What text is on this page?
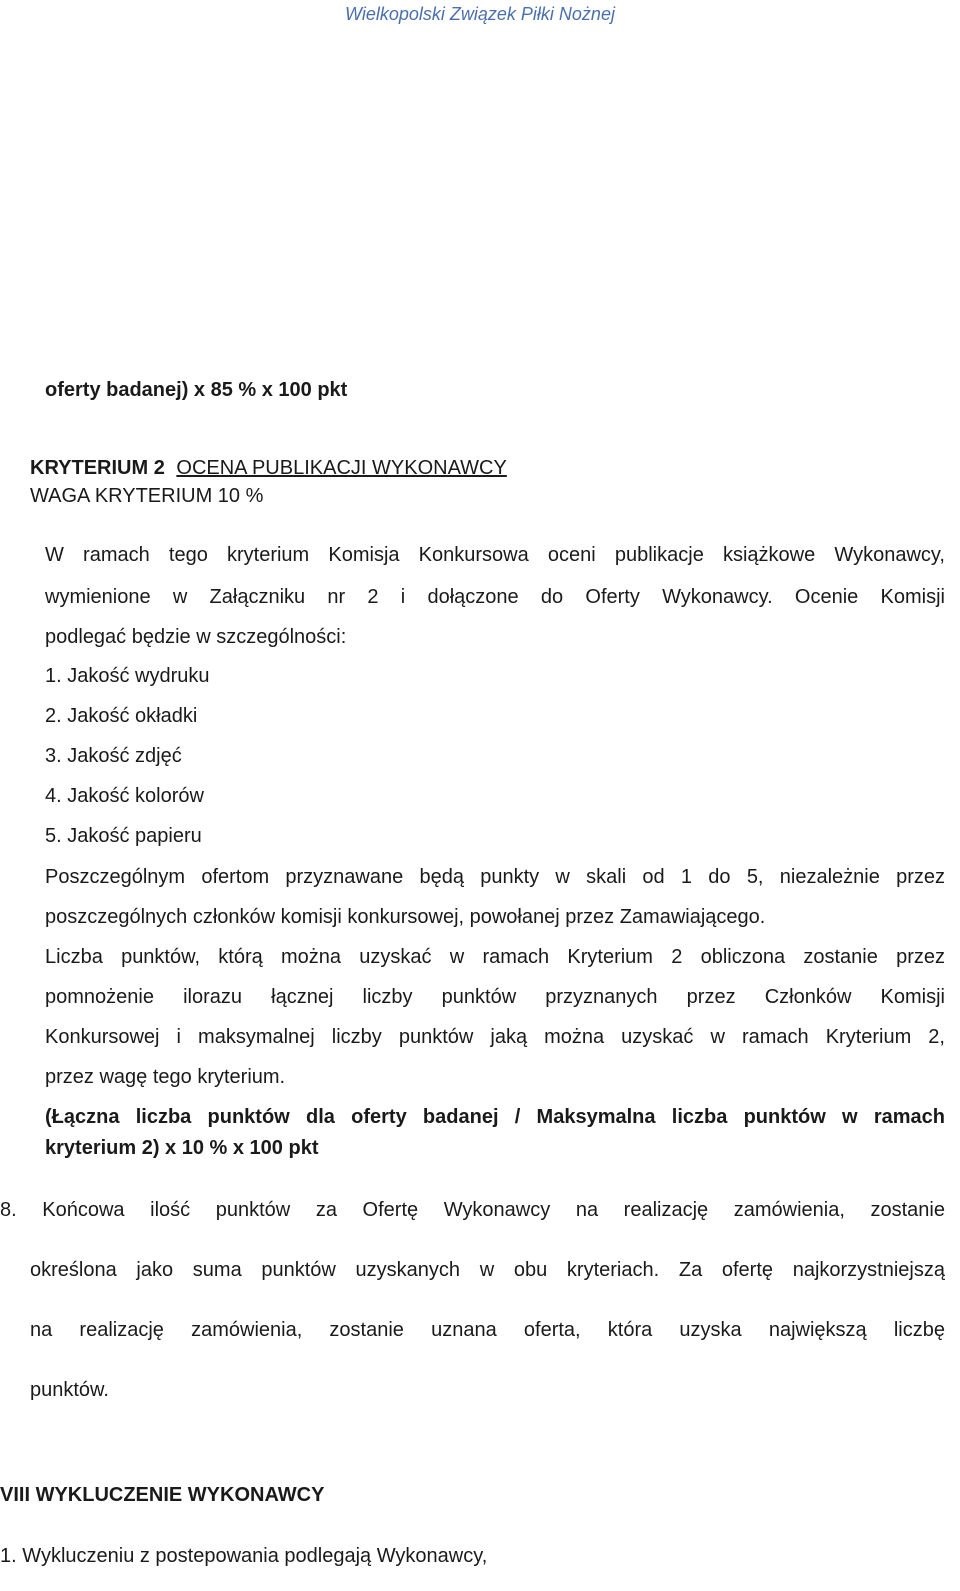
Wielkopolski Związek Piłki Nożnej
oferty badanej) x 85 % x 100 pkt
KRYTERIUM 2 OCENA PUBLIKACJI WYKONAWCY
WAGA KRYTERIUM 10 %
W ramach tego kryterium Komisja Konkursowa oceni publikacje książkowe Wykonawcy,
wymienione w Załączniku nr 2 i dołączone do Oferty Wykonawcy. Ocenie Komisji
podlegać będzie w szczególności:
1. Jakość wydruku
2. Jakość okładki
3. Jakość zdjęć
4. Jakość kolorów
5. Jakość papieru
Poszczególnym ofertom przyznawane będą punkty w skali od 1 do 5, niezależnie przez
poszczególnych członków komisji konkursowej, powołanej przez Zamawiającego.
Liczba punktów, którą można uzyskać w ramach Kryterium 2 obliczona zostanie przez
pomnożenie ilorazu łącznej liczby punktów przyznanych przez Członków Komisji
Konkursowej i maksymalnej liczby punktów jaką można uzyskać w ramach Kryterium 2,
przez wagę tego kryterium.
(Łączna liczba punktów dla oferty badanej / Maksymalna liczba punktów w ramach
kryterium 2) x 10 % x 100 pkt
8. Końcowa ilość punktów za Ofertę Wykonawcy na realizację zamówienia, zostanie
określona jako suma punktów uzyskanych w obu kryteriach. Za ofertę najkorzystniejszą
na realizację zamówienia, zostanie uznana oferta, która uzyska największą liczbę
punktów.
VIII WYKLUCZENIE WYKONAWCY
1. Wykluczeniu z postepowania podlegają Wykonawcy,
